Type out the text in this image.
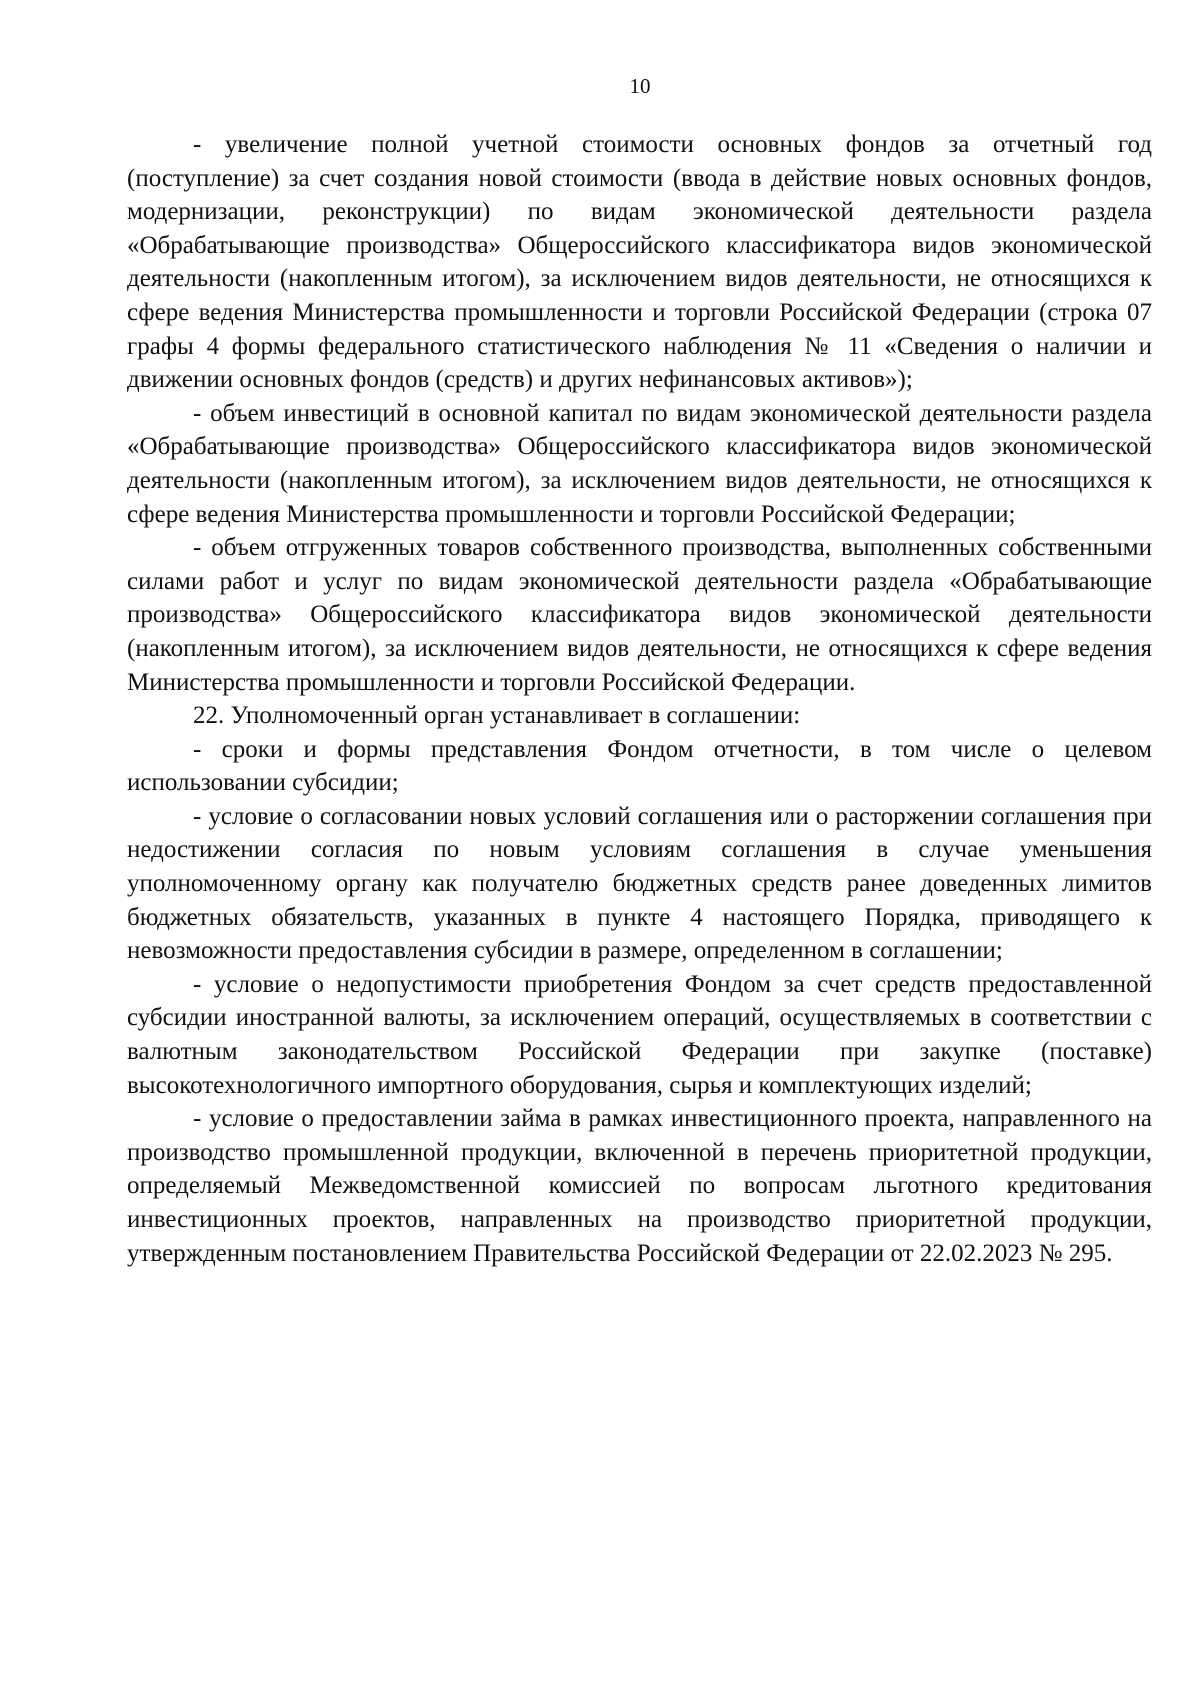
10

- увеличение полной учетной стоимости основных фондов за отчетный год (поступление) за счет создания новой стоимости (ввода в действие новых основных фондов, модернизации, реконструкции) по видам экономической деятельности раздела «Обрабатывающие производства» Общероссийского классификатора видов экономической деятельности (накопленным итогом), за исключением видов деятельности, не относящихся к сфере ведения Министерства промышленности и торговли Российской Федерации (строка 07 графы 4 формы федерального статистического наблюдения № 11 «Сведения о наличии и движении основных фондов (средств) и других нефинансовых активов»);

- объем инвестиций в основной капитал по видам экономической деятельности раздела «Обрабатывающие производства» Общероссийского классификатора видов экономической деятельности (накопленным итогом), за исключением видов деятельности, не относящихся к сфере ведения Министерства промышленности и торговли Российской Федерации;

- объем отгруженных товаров собственного производства, выполненных собственными силами работ и услуг по видам экономической деятельности раздела «Обрабатывающие производства» Общероссийского классификатора видов экономической деятельности (накопленным итогом), за исключением видов деятельности, не относящихся к сфере ведения Министерства промышленности и торговли Российской Федерации.

22. Уполномоченный орган устанавливает в соглашении:

- сроки и формы представления Фондом отчетности, в том числе о целевом использовании субсидии;

- условие о согласовании новых условий соглашения или о расторжении соглашения при недостижении согласия по новым условиям соглашения в случае уменьшения уполномоченному органу как получателю бюджетных средств ранее доведенных лимитов бюджетных обязательств, указанных в пункте 4 настоящего Порядка, приводящего к невозможности предоставления субсидии в размере, определенном в соглашении;

- условие о недопустимости приобретения Фондом за счет средств предоставленной субсидии иностранной валюты, за исключением операций, осуществляемых в соответствии с валютным законодательством Российской Федерации при закупке (поставке) высокотехнологичного импортного оборудования, сырья и комплектующих изделий;

- условие о предоставлении займа в рамках инвестиционного проекта, направленного на производство промышленной продукции, включенной в перечень приоритетной продукции, определяемый Межведомственной комиссией по вопросам льготного кредитования инвестиционных проектов, направленных на производство приоритетной продукции, утвержденным постановлением Правительства Российской Федерации от 22.02.2023 № 295.
